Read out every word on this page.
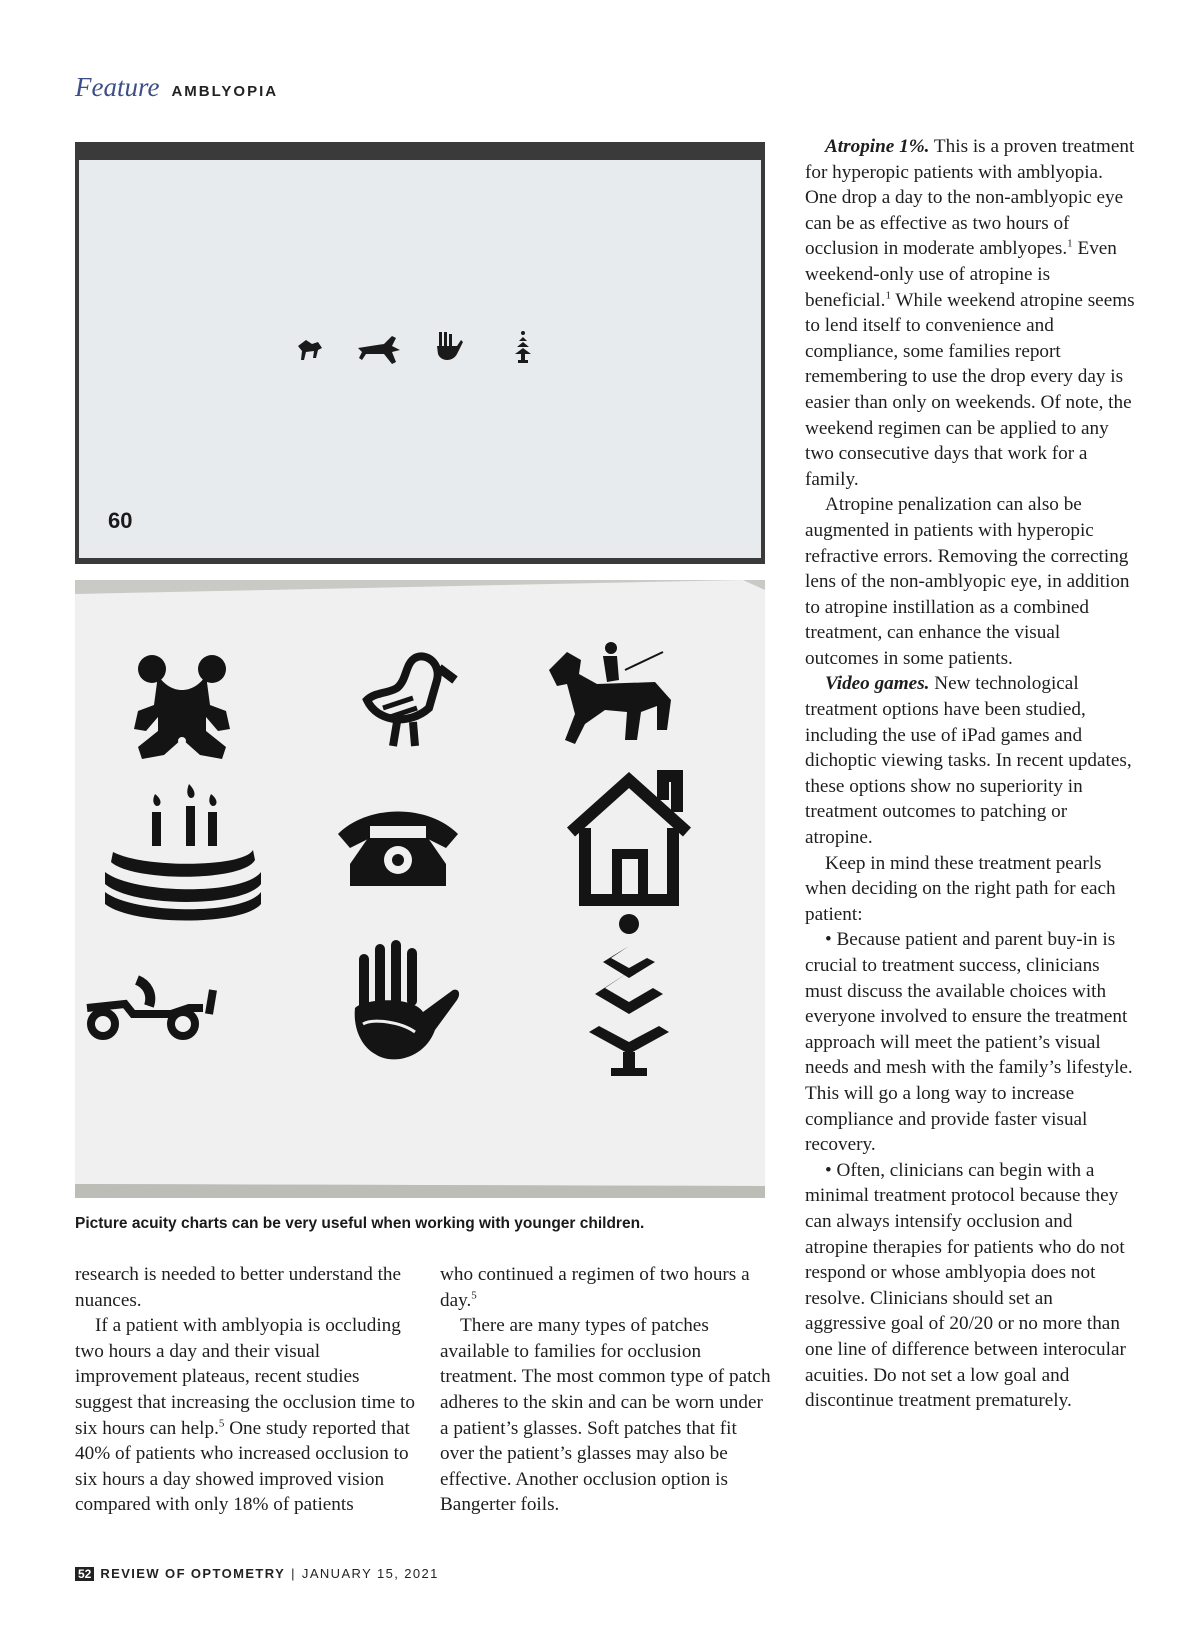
Feature AMBLYOPIA
60
Picture acuity charts can be very useful when working with younger children.

research is needed to better understand the nuances.

If a patient with amblyopia is occluding two hours a day and their visual improvement plateaus, recent studies suggest that increasing the occlusion time to six hours can help.$^5$ One study reported that 40% of patients who increased occlusion to six hours a day showed improved vision compared with only 18% of patients

who continued a regimen of two hours a day.$^5$

There are many types of patches available to families for occlusion treatment. The most common type of patch adheres to the skin and can be worn under a patient’s glasses. Soft patches that fit over the patient’s glasses may also be effective. Another occlusion option is Bangerter foils.

Atropine 1%. This is a proven treatment for hyperopic patients with amblyopia. One drop a day to the non-amblyopic eye can be as effective as two hours of occlusion in moderate amblyopes.$^1$ Even weekend-only use of atropine is beneficial.$^1$ While weekend atropine seems to lend itself to convenience and compliance, some families report remembering to use the drop every day is easier than only on weekends. Of note, the weekend regimen can be applied to any two consecutive days that work for a family.

Atropine penalization can also be augmented in patients with hyperopic refractive errors. Removing the correcting lens of the non-amblyopic eye, in addition to atropine instillation as a combined treatment, can enhance the visual outcomes in some patients.

Video games. New technological treatment options have been studied, including the use of iPad games and dichoptic viewing tasks. In recent updates, these options show no superiority in treatment outcomes to patching or atropine.

Keep in mind these treatment pearls when deciding on the right path for each patient:

• Because patient and parent buy-in is crucial to treatment success, clinicians must discuss the available choices with everyone involved to ensure the treatment approach will meet the patient’s visual needs and mesh with the family’s lifestyle. This will go a long way to increase compliance and provide faster visual recovery.

• Often, clinicians can begin with a minimal treatment protocol because they can always intensify occlusion and atropine therapies for patients who do not respond or whose amblyopia does not resolve. Clinicians should set an aggressive goal of 20/20 or no more than one line of difference between interocular acuities. Do not set a low goal and discontinue treatment prematurely.

52 REVIEW OF OPTOMETRY | JANUARY 15, 2021
